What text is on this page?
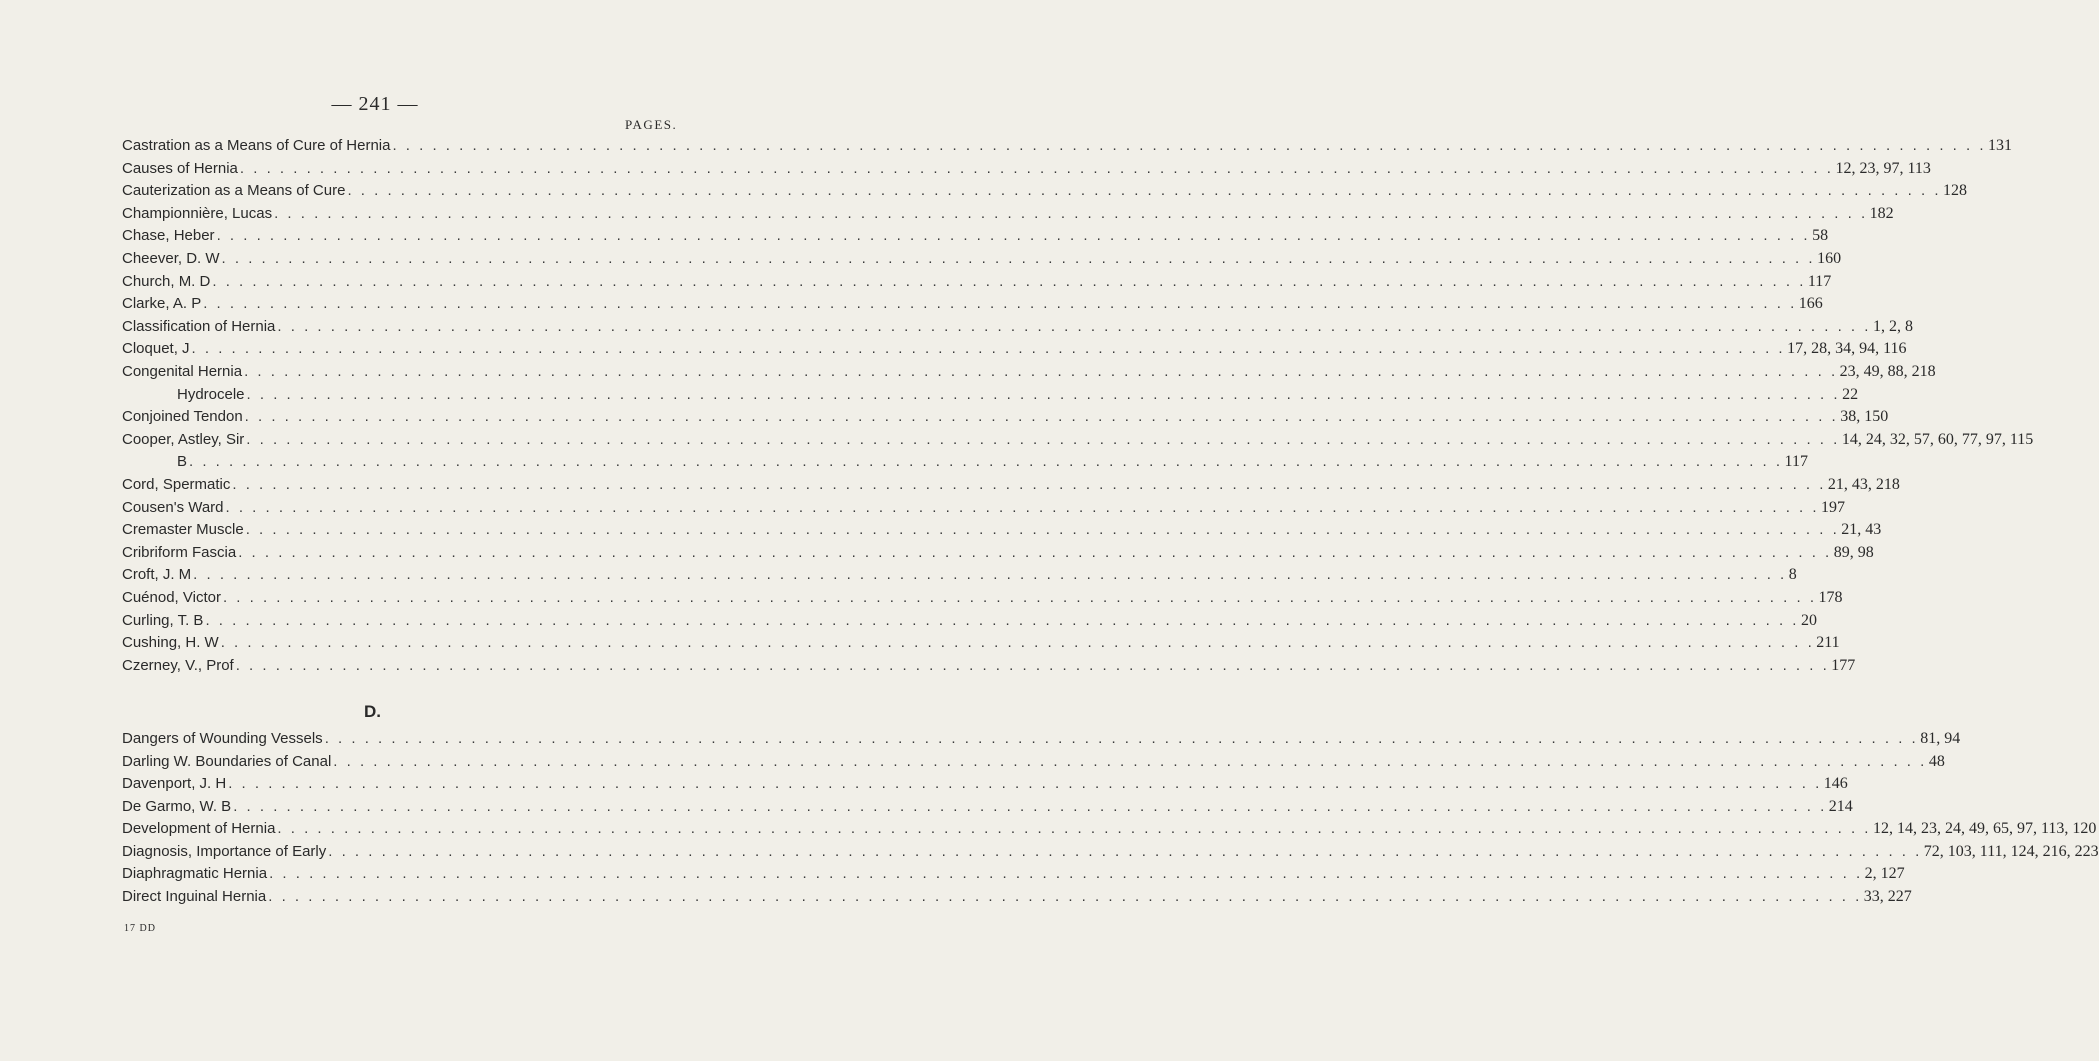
— 241 —
PAGES.
Castration as a Means of Cure of Hernia . . . . . . . . . . . . . . . . . . . . . . . . . . . . . . . . . . . . . . . . . . . . . . . . . . . . . . . . . . . . . . . . . . . . . . . . . . . . . . . . . . . . . . . . . . . . . . . . . . . . . . . . . . . . . . . . . . . . . . . . 131
Causes of Hernia . . . . . . . . . . . . . . . . . . . . . . . . . . . . . . . . . . . . . . . . . . . . . . . . . . . . . . . . . . . . . . . . . . . . . . . . . . . . . . . . . . . . . . . . . . . . . . . . . . . . . . . . . . . . . . . . . . . . . . . . 12, 23, 97, 113
Cauterization as a Means of Cure . . . . . . . . . . . . . . . . . . . . . . . . . . . . . . . . . . . . . . . . . . . . . . . . . . . . . . . . . . . . . . . . . . . . . . . . . . . . . . . . . . . . . . . . . . . . . . . . . . . . . . . . . . . . . . . . . . . . . . . . 128
Championnière, Lucas . . . . . . . . . . . . . . . . . . . . . . . . . . . . . . . . . . . . . . . . . . . . . . . . . . . . . . . . . . . . . . . . . . . . . . . . . . . . . . . . . . . . . . . . . . . . . . . . . . . . . . . . . . . . . . . . . . . . . . . . 182
Chase, Heber . . . . . . . . . . . . . . . . . . . . . . . . . . . . . . . . . . . . . . . . . . . . . . . . . . . . . . . . . . . . . . . . . . . . . . . . . . . . . . . . . . . . . . . . . . . . . . . . . . . . . . . . . . . . . . . . . . . . . . . . 58
Cheever, D. W . . . . . . . . . . . . . . . . . . . . . . . . . . . . . . . . . . . . . . . . . . . . . . . . . . . . . . . . . . . . . . . . . . . . . . . . . . . . . . . . . . . . . . . . . . . . . . . . . . . . . . . . . . . . . . . . . . . . . . . . 160
Church, M. D . . . . . . . . . . . . . . . . . . . . . . . . . . . . . . . . . . . . . . . . . . . . . . . . . . . . . . . . . . . . . . . . . . . . . . . . . . . . . . . . . . . . . . . . . . . . . . . . . . . . . . . . . . . . . . . . . . . . . . . . 117
Clarke, A. P . . . . . . . . . . . . . . . . . . . . . . . . . . . . . . . . . . . . . . . . . . . . . . . . . . . . . . . . . . . . . . . . . . . . . . . . . . . . . . . . . . . . . . . . . . . . . . . . . . . . . . . . . . . . . . . . . . . . . . . . 166
Classification of Hernia . . . . . . . . . . . . . . . . . . . . . . . . . . . . . . . . . . . . . . . . . . . . . . . . . . . . . . . . . . . . . . . . . . . . . . . . . . . . . . . . . . . . . . . . . . . . . . . . . . . . . . . . . . . . . . . . . . . . . . . . 1, 2, 8
Cloquet, J . . . . . . . . . . . . . . . . . . . . . . . . . . . . . . . . . . . . . . . . . . . . . . . . . . . . . . . . . . . . . . . . . . . . . . . . . . . . . . . . . . . . . . . . . . . . . . . . . . . . . . . . . . . . . . . . . . . . . . . . 17, 28, 34, 94, 116
Congenital Hernia . . . . . . . . . . . . . . . . . . . . . . . . . . . . . . . . . . . . . . . . . . . . . . . . . . . . . . . . . . . . . . . . . . . . . . . . . . . . . . . . . . . . . . . . . . . . . . . . . . . . . . . . . . . . . . . . . . . . . . . . 23, 49, 88, 218
Hydrocele . . . . . . . . . . . . . . . . . . . . . . . . . . . . . . . . . . . . . . . . . . . . . . . . . . . . . . . . . . . . . . . . . . . . . . . . . . . . . . . . . . . . . . . . . . . . . . . . . . . . . . . . . . . . . . . . . . . . . . . . 22
Conjoined Tendon . . . . . . . . . . . . . . . . . . . . . . . . . . . . . . . . . . . . . . . . . . . . . . . . . . . . . . . . . . . . . . . . . . . . . . . . . . . . . . . . . . . . . . . . . . . . . . . . . . . . . . . . . . . . . . . . . . . . . . . . 38, 150
Cooper, Astley, Sir . . . . . . . . . . . . . . . . . . . . . . . . . . . . . . . . . . . . . . . . . . . . . . . . . . . . . . . . . . . . . . . . . . . . . . . . . . . . . . . . . . . . . . . . . . . . . . . . . . . . . . . . . . . . . . . . . . . . . . . . 14, 24, 32, 57, 60, 77, 97, 115
B . . . . . . . . . . . . . . . . . . . . . . . . . . . . . . . . . . . . . . . . . . . . . . . . . . . . . . . . . . . . . . . . . . . . . . . . . . . . . . . . . . . . . . . . . . . . . . . . . . . . . . . . . . . . . . . . . . . . . . . . 117
Cord, Spermatic . . . . . . . . . . . . . . . . . . . . . . . . . . . . . . . . . . . . . . . . . . . . . . . . . . . . . . . . . . . . . . . . . . . . . . . . . . . . . . . . . . . . . . . . . . . . . . . . . . . . . . . . . . . . . . . . . . . . . . . . 21, 43, 218
Cousen's Ward . . . . . . . . . . . . . . . . . . . . . . . . . . . . . . . . . . . . . . . . . . . . . . . . . . . . . . . . . . . . . . . . . . . . . . . . . . . . . . . . . . . . . . . . . . . . . . . . . . . . . . . . . . . . . . . . . . . . . . . . 197
Cremaster Muscle . . . . . . . . . . . . . . . . . . . . . . . . . . . . . . . . . . . . . . . . . . . . . . . . . . . . . . . . . . . . . . . . . . . . . . . . . . . . . . . . . . . . . . . . . . . . . . . . . . . . . . . . . . . . . . . . . . . . . . . . 21, 43
Cribriform Fascia . . . . . . . . . . . . . . . . . . . . . . . . . . . . . . . . . . . . . . . . . . . . . . . . . . . . . . . . . . . . . . . . . . . . . . . . . . . . . . . . . . . . . . . . . . . . . . . . . . . . . . . . . . . . . . . . . . . . . . . . 89, 98
Croft, J. M . . . . . . . . . . . . . . . . . . . . . . . . . . . . . . . . . . . . . . . . . . . . . . . . . . . . . . . . . . . . . . . . . . . . . . . . . . . . . . . . . . . . . . . . . . . . . . . . . . . . . . . . . . . . . . . . . . . . . . . . 8
Cuénod, Victor . . . . . . . . . . . . . . . . . . . . . . . . . . . . . . . . . . . . . . . . . . . . . . . . . . . . . . . . . . . . . . . . . . . . . . . . . . . . . . . . . . . . . . . . . . . . . . . . . . . . . . . . . . . . . . . . . . . . . . . . 178
Curling, T. B . . . . . . . . . . . . . . . . . . . . . . . . . . . . . . . . . . . . . . . . . . . . . . . . . . . . . . . . . . . . . . . . . . . . . . . . . . . . . . . . . . . . . . . . . . . . . . . . . . . . . . . . . . . . . . . . . . . . . . . . 20
Cushing, H. W . . . . . . . . . . . . . . . . . . . . . . . . . . . . . . . . . . . . . . . . . . . . . . . . . . . . . . . . . . . . . . . . . . . . . . . . . . . . . . . . . . . . . . . . . . . . . . . . . . . . . . . . . . . . . . . . . . . . . . . . 211
Czerney, V., Prof . . . . . . . . . . . . . . . . . . . . . . . . . . . . . . . . . . . . . . . . . . . . . . . . . . . . . . . . . . . . . . . . . . . . . . . . . . . . . . . . . . . . . . . . . . . . . . . . . . . . . . . . . . . . . . . . . . . . . . . . 177
D.
Dangers of Wounding Vessels . . . . . . . . . . . . . . . . . . . . . . . . . . . . . . . . . . . . . . . . . . . . . . . . . . . . . . . . . . . . . . . . . . . . . . . . . . . . . . . . . . . . . . . . . . . . . . . . . . . . . . . . . . . . . . . . . . . . . . . . 81, 94
Darling W. Boundaries of Canal . . . . . . . . . . . . . . . . . . . . . . . . . . . . . . . . . . . . . . . . . . . . . . . . . . . . . . . . . . . . . . . . . . . . . . . . . . . . . . . . . . . . . . . . . . . . . . . . . . . . . . . . . . . . . . . . . . . . . . . . 48
Davenport, J. H . . . . . . . . . . . . . . . . . . . . . . . . . . . . . . . . . . . . . . . . . . . . . . . . . . . . . . . . . . . . . . . . . . . . . . . . . . . . . . . . . . . . . . . . . . . . . . . . . . . . . . . . . . . . . . . . . . . . . . . . 146
De Garmo, W. B . . . . . . . . . . . . . . . . . . . . . . . . . . . . . . . . . . . . . . . . . . . . . . . . . . . . . . . . . . . . . . . . . . . . . . . . . . . . . . . . . . . . . . . . . . . . . . . . . . . . . . . . . . . . . . . . . . . . . . . . 214
Development of Hernia . . . . . . . . . . . . . . . . . . . . . . . . . . . . . . . . . . . . . . . . . . . . . . . . . . . . . . . . . . . . . . . . . . . . . . . . . . . . . . . . . . . . . . . . . . . . . . . . . . . . . . . . . . . . . . . . . . . . . . . . 12, 14, 23, 24, 49, 65, 97, 113, 120
Diagnosis, Importance of Early . . . . . . . . . . . . . . . . . . . . . . . . . . . . . . . . . . . . . . . . . . . . . . . . . . . . . . . . . . . . . . . . . . . . . . . . . . . . . . . . . . . . . . . . . . . . . . . . . . . . . . . . . . . . . . . . . . . . . . . . 72, 103, 111, 124, 216, 223
Diaphragmatic Hernia . . . . . . . . . . . . . . . . . . . . . . . . . . . . . . . . . . . . . . . . . . . . . . . . . . . . . . . . . . . . . . . . . . . . . . . . . . . . . . . . . . . . . . . . . . . . . . . . . . . . . . . . . . . . . . . . . . . . . . . . 2, 127
Direct Inguinal Hernia . . . . . . . . . . . . . . . . . . . . . . . . . . . . . . . . . . . . . . . . . . . . . . . . . . . . . . . . . . . . . . . . . . . . . . . . . . . . . . . . . . . . . . . . . . . . . . . . . . . . . . . . . . . . . . . . . . . . . . . . 33, 227
17 DD
